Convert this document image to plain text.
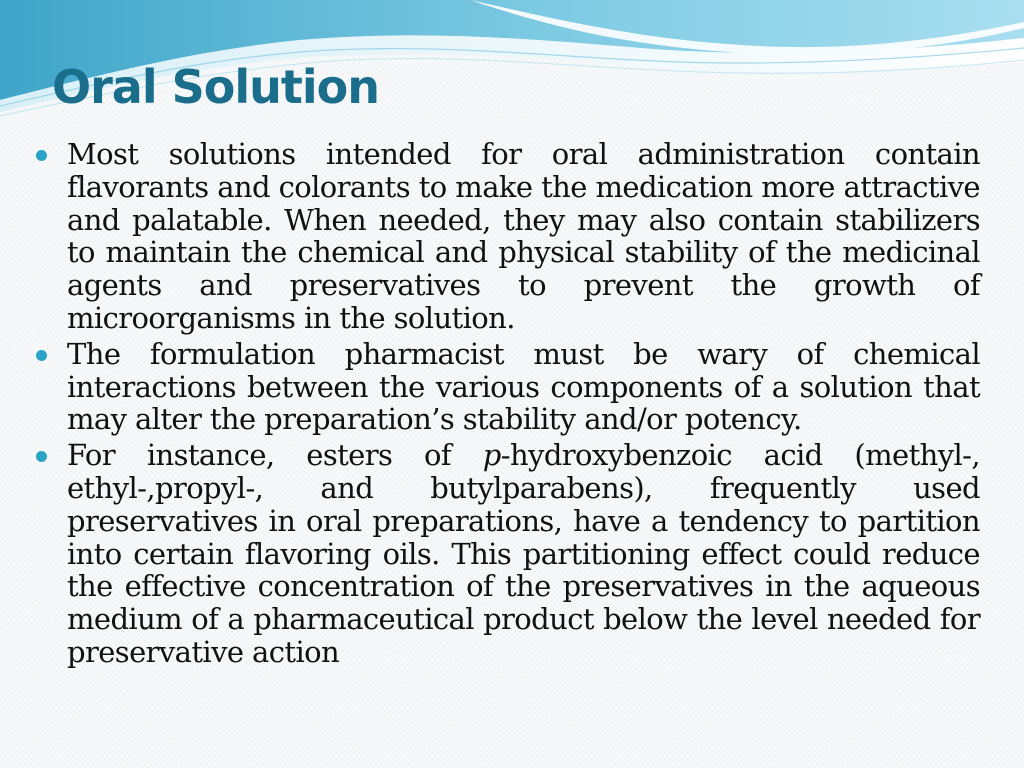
Oral Solution
Most solutions intended for oral administration contain flavorants and colorants to make the medication more attractive and palatable. When needed, they may also contain stabilizers to maintain the chemical and physical stability of the medicinal agents and preservatives to prevent the growth of microorganisms in the solution.
The formulation pharmacist must be wary of chemical interactions between the various components of a solution that may alter the preparation’s stability and/or potency.
For instance, esters of p-hydroxybenzoic acid (methyl-, ethyl-,propyl-, and butylparabens), frequently used preservatives in oral preparations, have a tendency to partition into certain flavoring oils. This partitioning effect could reduce the effective concentration of the preservatives in the aqueous medium of a pharmaceutical product below the level needed for preservative action
